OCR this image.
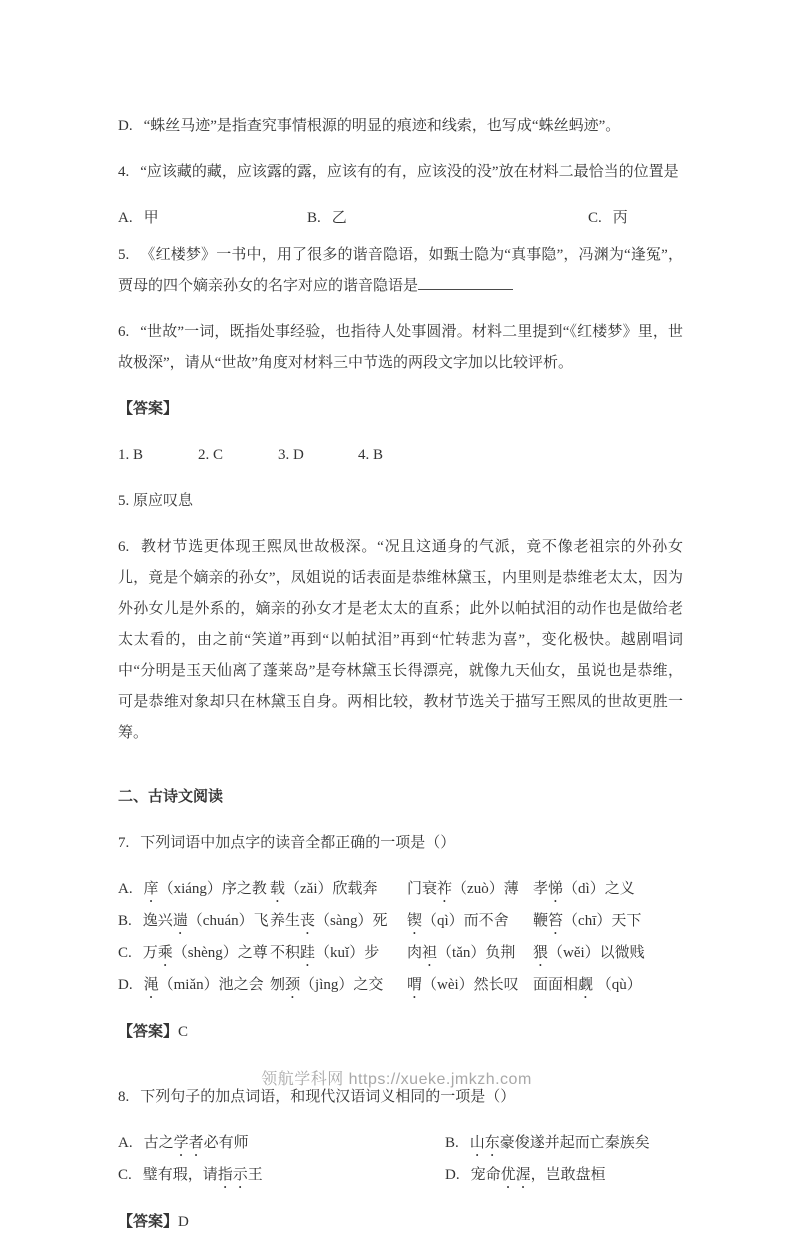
D. “蛛丝马迹”是指查究事情根源的明显的痕迹和线索，也写成“蛛丝蚂迹”。

4. “应该藏的藏，应该露的露，应该有的有，应该没的没”放在材料二最恰当的位置是

A. 甲	B. 乙	C. 丙

5. 《红楼梦》一书中，用了很多的谐音隐语，如甄士隐为“真事隐”，冯渊为“逢冤”，贾母的四个嫡亲孙女的名字对应的谐音隐语是

6. “世故”一词，既指处事经验，也指待人处事圆滑。材料二里提到“《红楼梦》里，世故极深”，请从“世故”角度对材料三中节选的两段文字加以比较评析。

【答案】

1. B	2. C	3. D	4. B

5. 原应叹息

6. 教材节选更体现王熙凤世故极深。“况且这通身的气派，竟不像老祖宗的外孙女儿，竟是个嫡亲的孙女”，凤姐说的话表面是恭维林黛玉，内里则是恭维老太太，因为外孙女儿是外系的，嫡亲的孙女才是老太太的直系；此外以帕拭泪的动作也是做给老太太看的，由之前“笑道”再到“以帕拭泪”再到“忙转悲为喜”，变化极快。越剧唱词中“分明是玉天仙离了蓬莱岛”是夸林黛玉长得漂亮，就像九天仙女，虽说也是恭维，可是恭维对象却只在林黛玉自身。两相比较，教材节选关于描写王熙凤的世故更胜一筹。

二、古诗文阅读

7. 下列词语中加点字的读音全都正确的一项是（）

A. 庠（xiáng）序之教 载（zǎi）欣载奔	门衰祚（zuò）薄 孝悌（dì）之义
B. 逸兴遄（chuán）飞 养生丧（sàng）死	锲（qì）而不舍	鞭笞（chī）天下
C. 万乘（shèng）之尊 不积跬（kuǐ）步	肉袒（tǎn）负荆	猥（wěi）以微贱
D. 渑（miǎn）池之会 刎颈（jìng）之交	喟（wèi）然长叹 面面相觑 （qù）

【答案】C

8. 下列句子的加点词语，和现代汉语词义相同的一项是（）

A. 古之学者必有师	B. 山东豪俊遂并起而亡秦族矣
C. 璧有瑕，请指示王	D. 宠命优渥，岂敢盘桓

【答案】D

领航学科网 https://xueke.jmkzh.com
